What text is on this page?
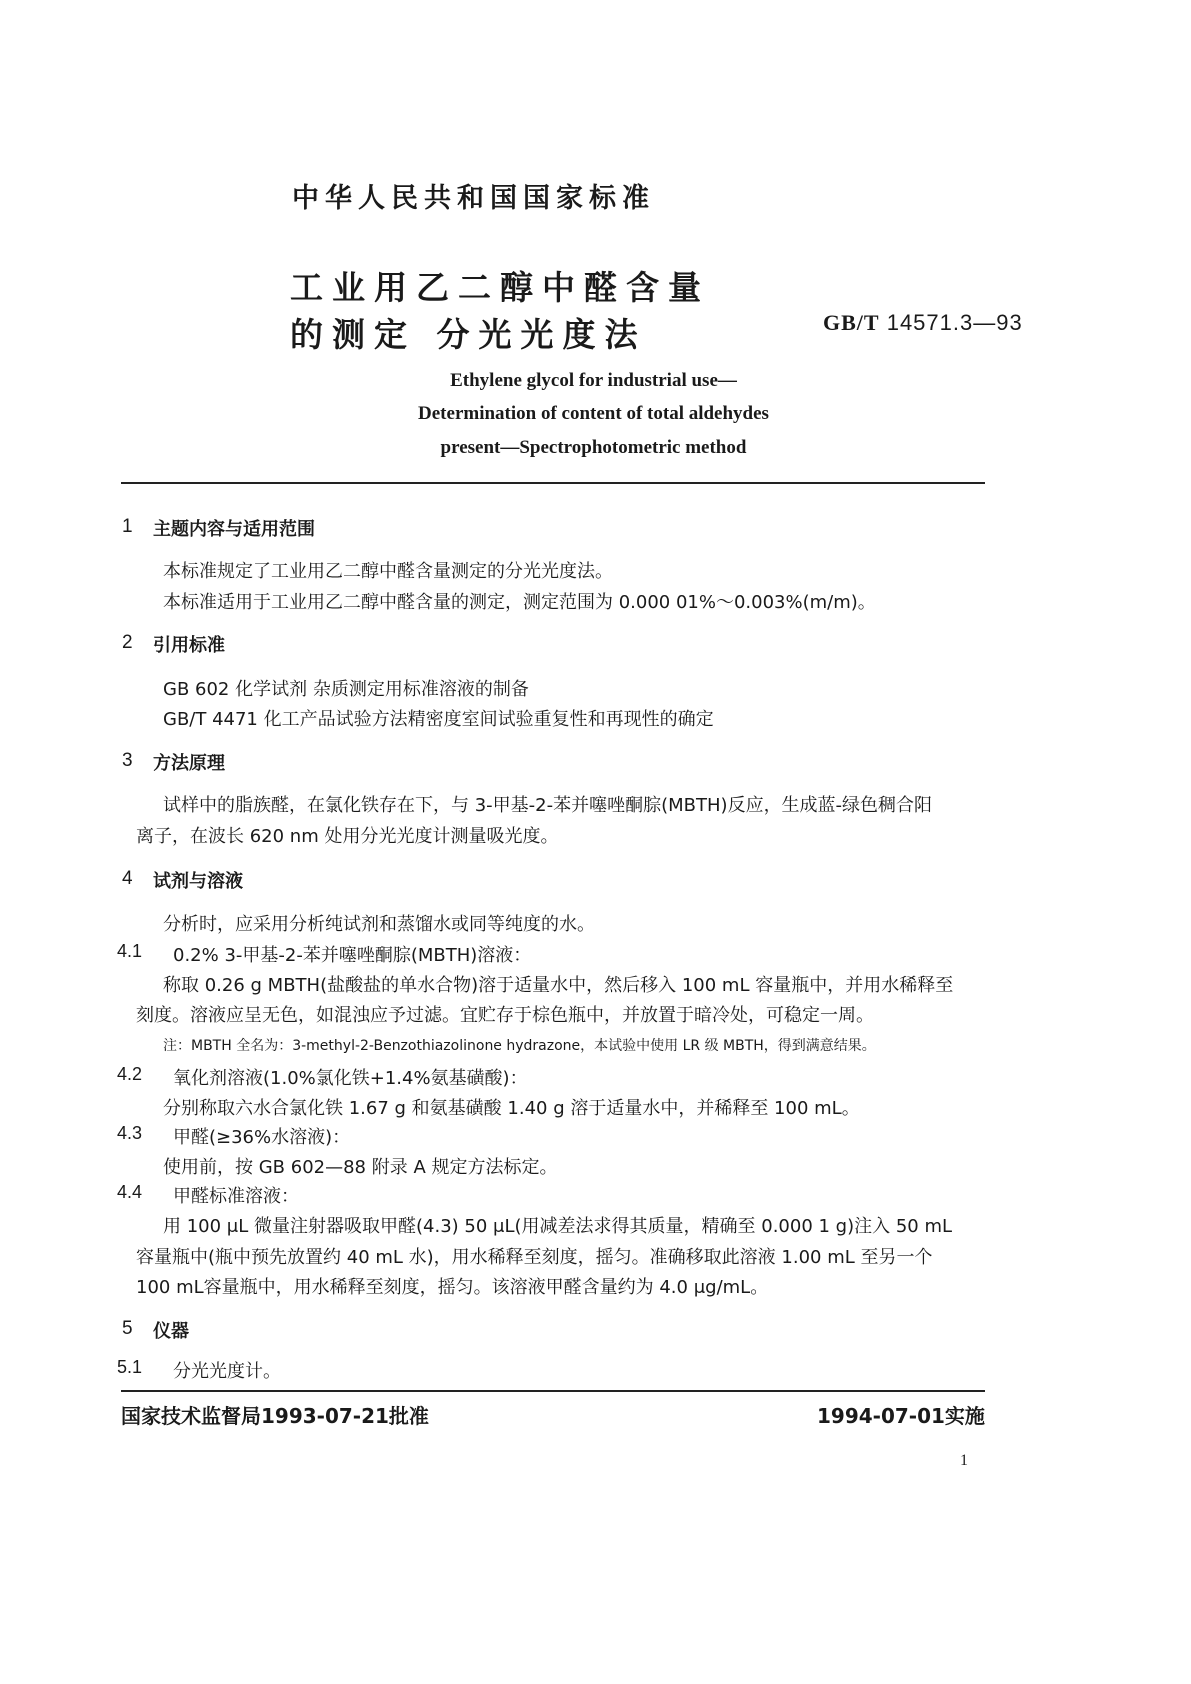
中华人民共和国国家标准
工业用乙二醇中醛含量
的测定 分光光度法	GB/T 14571.3—93
Ethylene glycol for industrial use—
Determination of content of total aldehydes
present—Spectrophotometric method
1 主题内容与适用范围
本标准规定了工业用乙二醇中醛含量测定的分光光度法。
本标准适用于工业用乙二醇中醛含量的测定，测定范围为 0.000 01%～0.003%(m/m)。
2 引用标准
GB 602 化学试剂 杂质测定用标准溶液的制备
GB/T 4471 化工产品试验方法精密度室间试验重复性和再现性的确定
3 方法原理
试样中的脂族醛，在氯化铁存在下，与 3-甲基-2-苯并噻唑酮腙(MBTH)反应，生成蓝-绿色稠合阳
离子，在波长 620 nm 处用分光光度计测量吸光度。
4 试剂与溶液
分析时，应采用分析纯试剂和蒸馏水或同等纯度的水。
4.1 0.2% 3-甲基-2-苯并噻唑酮腙(MBTH)溶液：
称取 0.26 g MBTH(盐酸盐的单水合物)溶于适量水中，然后移入 100 mL 容量瓶中，并用水稀释至
刻度。溶液应呈无色，如混浊应予过滤。宜贮存于棕色瓶中，并放置于暗冷处，可稳定一周。
注：MBTH 全名为：3-methyl-2-Benzothiazolinone hydrazone，本试验中使用 LR 级 MBTH，得到满意结果。
4.2 氧化剂溶液(1.0%氯化铁+1.4%氨基磺酸)：
分别称取六水合氯化铁 1.67 g 和氨基磺酸 1.40 g 溶于适量水中，并稀释至 100 mL。
4.3 甲醛(≥36%水溶液)：
使用前，按 GB 602—88 附录 A 规定方法标定。
4.4 甲醛标准溶液：
用 100 μL 微量注射器吸取甲醛(4.3) 50 μL(用减差法求得其质量，精确至 0.000 1 g)注入 50 mL
容量瓶中(瓶中预先放置约 40 mL 水)，用水稀释至刻度，摇匀。准确移取此溶液 1.00 mL 至另一个
100 mL容量瓶中，用水稀释至刻度，摇匀。该溶液甲醛含量约为 4.0 μg/mL。
5 仪器
5.1 分光光度计。
国家技术监督局1993-07-21批准	1994-07-01实施
1
